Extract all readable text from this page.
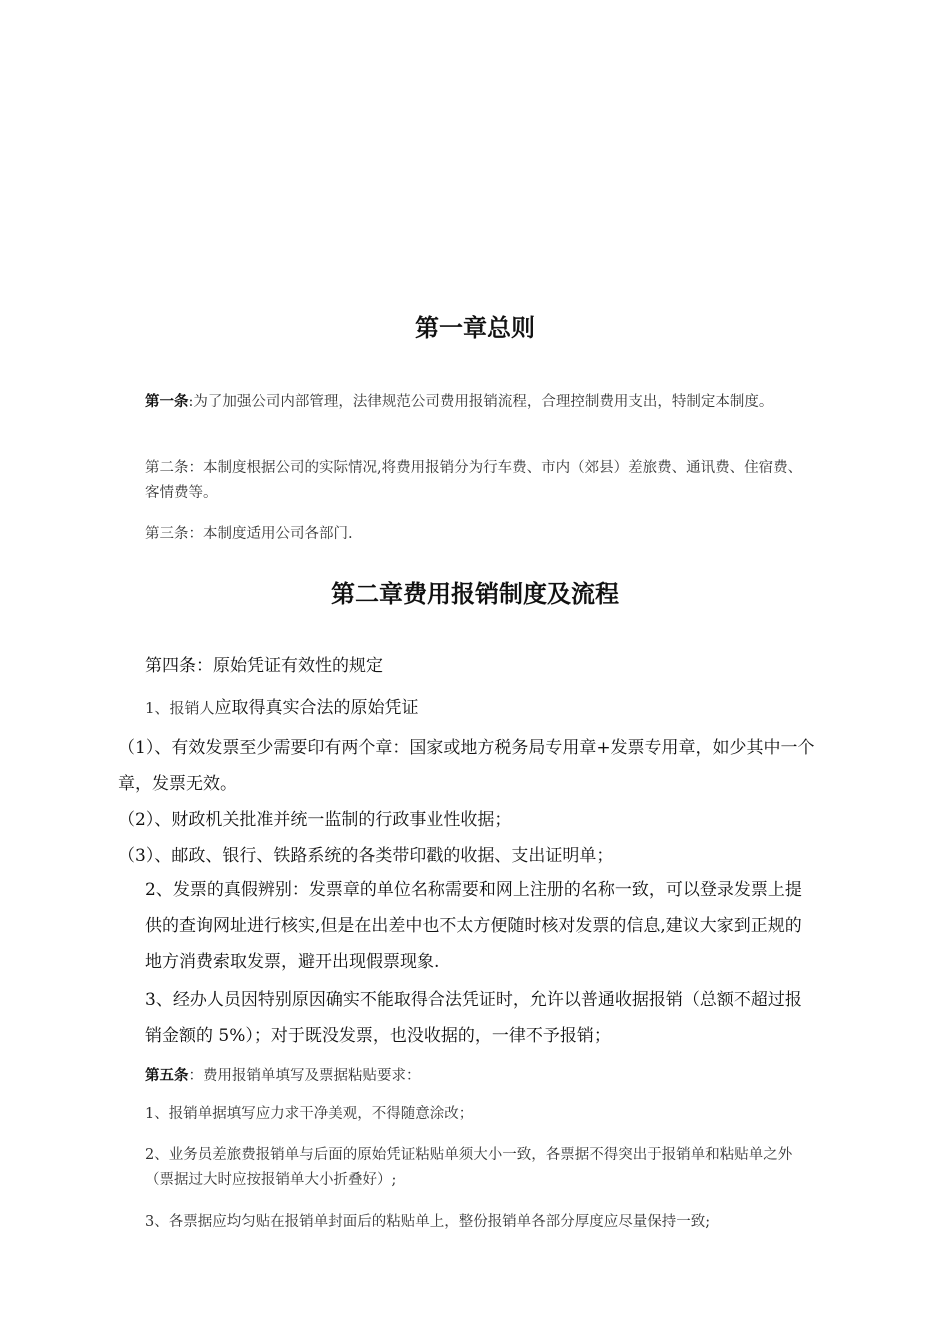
第一章总则

第一条:为了加强公司内部管理，法律规范公司费用报销流程，合理控制费用支出，特制定本制度。

第二条：本制度根据公司的实际情况,将费用报销分为行车费、市内（郊县）差旅费、通讯费、住宿费、客情费等。

第三条：本制度适用公司各部门.

第二章费用报销制度及流程

第四条：原始凭证有效性的规定

1、报销人应取得真实合法的原始凭证

（1）、有效发票至少需要印有两个章：国家或地方税务局专用章+发票专用章，如少其中一个章，发票无效。

（2）、财政机关批准并统一监制的行政事业性收据；

（3）、邮政、银行、铁路系统的各类带印戳的收据、支出证明单；

2、发票的真假辨别：发票章的单位名称需要和网上注册的名称一致，可以登录发票上提供的查询网址进行核实,但是在出差中也不太方便随时核对发票的信息,建议大家到正规的地方消费索取发票，避开出现假票现象.

3、经办人员因特别原因确实不能取得合法凭证时，允许以普通收据报销（总额不超过报销金额的 5%）；对于既没发票，也没收据的，一律不予报销；

第五条：费用报销单填写及票据粘贴要求：

1、报销单据填写应力求干净美观，不得随意涂改；

2、业务员差旅费报销单与后面的原始凭证粘贴单须大小一致，各票据不得突出于报销单和粘贴单之外（票据过大时应按报销单大小折叠好）;

3、各票据应均匀贴在报销单封面后的粘贴单上，整份报销单各部分厚度应尽量保持一致;
